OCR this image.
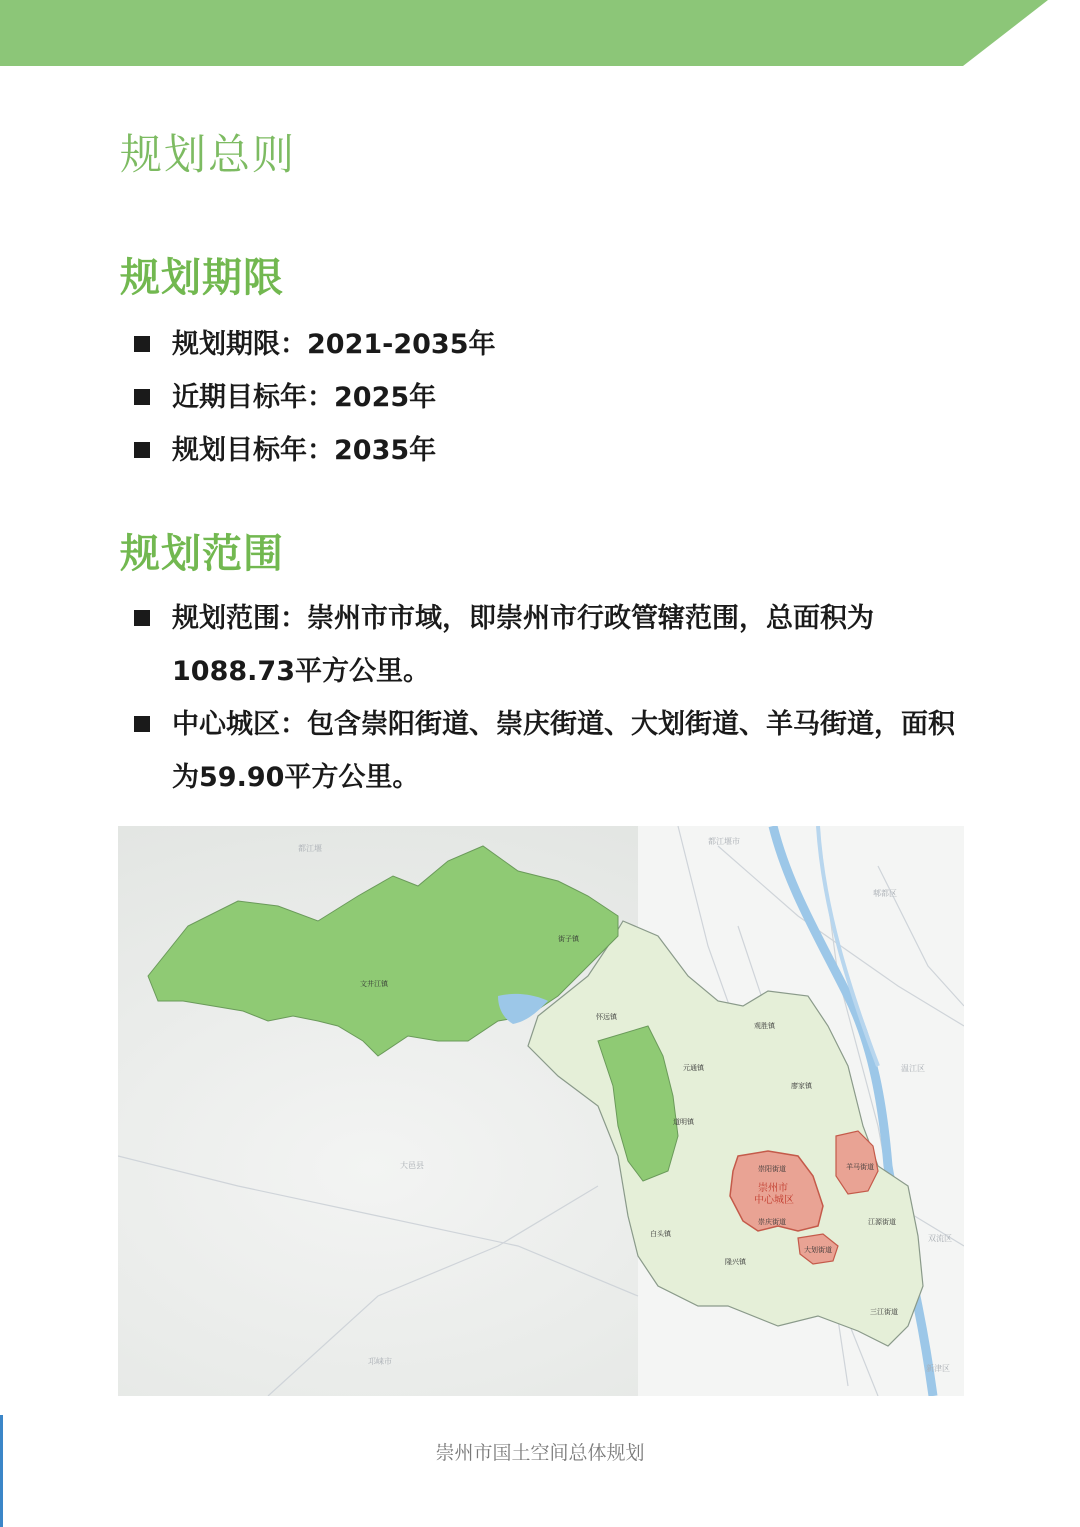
规划总则
规划期限
规划期限：2021-2035年
近期目标年：2025年
规划目标年：2035年
规划范围
规划范围：崇州市市域，即崇州市行政管辖范围，总面积为1088.73平方公里。
中心城区：包含崇阳街道、崇庆街道、大划街道、羊马街道，面积为59.90平方公里。
文井江镇
街子镇
怀远镇
元通镇
道明镇
白头镇
隆兴镇
观胜镇
廖家镇
崇阳街道
崇庆街道
大划街道
羊马街道
江源街道
三江街道
大邑县
邛崃市
都江堰市
郫都区
温江区
双流区
新津区
都江堰
崇州市
中心城区
崇州市国土空间总体规划
